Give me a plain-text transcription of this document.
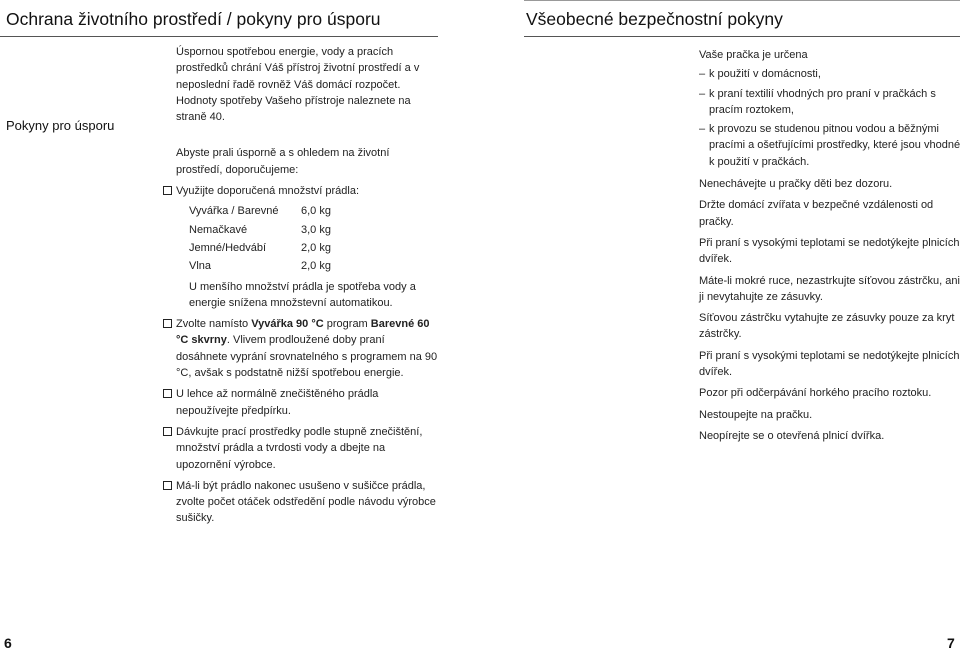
Ochrana životního prostředí / pokyny pro úsporu	Všeobecné bezpečnostní pokyny
Pokyny pro úsporu

Úspornou spotřebou energie, vody a pracích prostředků chrání Váš přístroj životní prostředí a v neposlední řadě rovněž Váš domácí rozpočet. Hodnoty spotřeby Vašeho přístroje naleznete na straně 40.

Abyste prali úsporně a s ohledem na životní prostředí, doporučujeme:

Využijte doporučená množství prádla:
Vyvářka / Barevné	6,0 kg
Nemačkavé	3,0 kg
Jemné/Hedvábí	2,0 kg
Vlna	2,0 kg

U menšího množství prádla je spotřeba vody a energie snížena množstevní automatikou.

Zvolte namísto Vyvářka 90 °C program Barevné 60 °C skvrny. Vlivem prodloužené doby praní dosáhnete vyprání srovnatelného s programem na 90 °C, avšak s podstatně nižší spotřebou energie.
U lehce až normálně znečištěného prádla nepoužívejte předpírku.
Dávkujte prací prostředky podle stupně znečištění, množství prádla a tvrdosti vody a dbejte na upozornění výrobce.
Má-li být prádlo nakonec usušeno v sušičce prádla, zvolte počet otáček odstředění podle návodu výrobce sušičky.

Vaše pračka je určena

– k použití v domácnosti,
– k praní textilií vhodných pro praní v pračkách s pracím roztokem,
– k provozu se studenou pitnou vodou a běžnými pracími a ošetřujícími prostředky, které jsou vhodné k použití v pračkách.

Nenechávejte u pračky děti bez dozoru.

Držte domácí zvířata v bezpečné vzdálenosti od pračky.

Při praní s vysokými teplotami se nedotýkejte plnicích dvířek.

Máte-li mokré ruce, nezastrkujte síťovou zástrčku, ani ji nevytahujte ze zásuvky.

Síťovou zástrčku vytahujte ze zásuvky pouze za kryt zástrčky.

Při praní s vysokými teplotami se nedotýkejte plnicích dvířek.

Pozor při odčerpávání horkého pracího roztoku.

Nestoupejte na pračku.

Neopírejte se o otevřená plnicí dvířka.

6	7
